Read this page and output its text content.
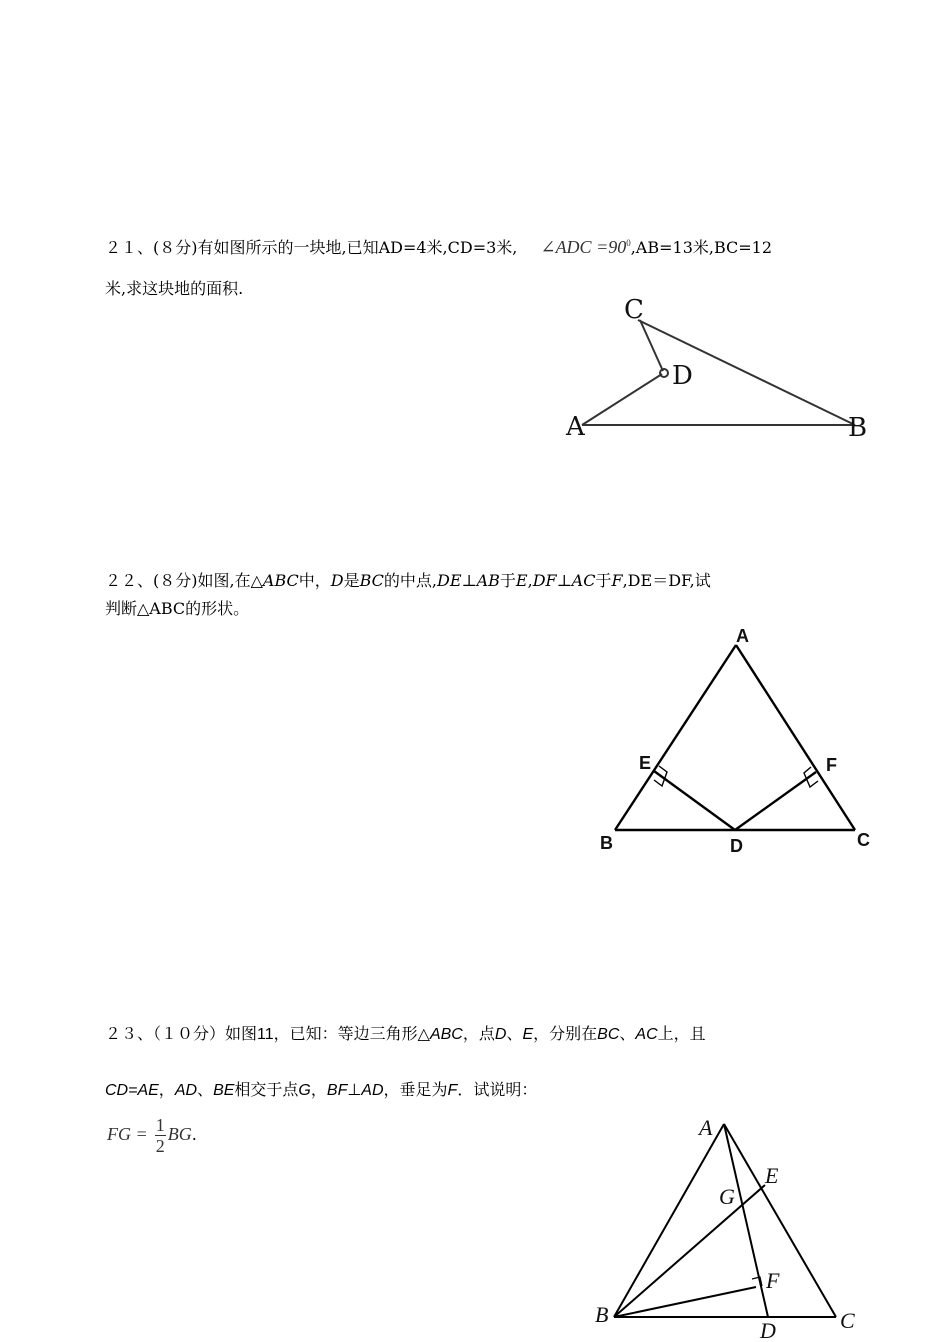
２１、(８分)有如图所示的一块地,已知AD=4米,CD=3米, ∠ADC $=90^0,AB=13$米,BC=12
米,求这块地的面积.
C
D
A	B
２２、(８分)如图,在△ABC中，D是BC的中点,DE⊥AB于E,DF⊥AC于F,DE＝DF,试
判断△ABC的形状。
A
E	F
B	D	C
２３、（１０分）如图11，已知：等边三角形△ABC，点D、E，分别在BC、AC上，且
CD=AE，AD、BE相交于点G，BF⊥AD，垂足为F．试说明：
FG = $\frac{1}{2}$ BG.	A
E
G
F
B
D	C
